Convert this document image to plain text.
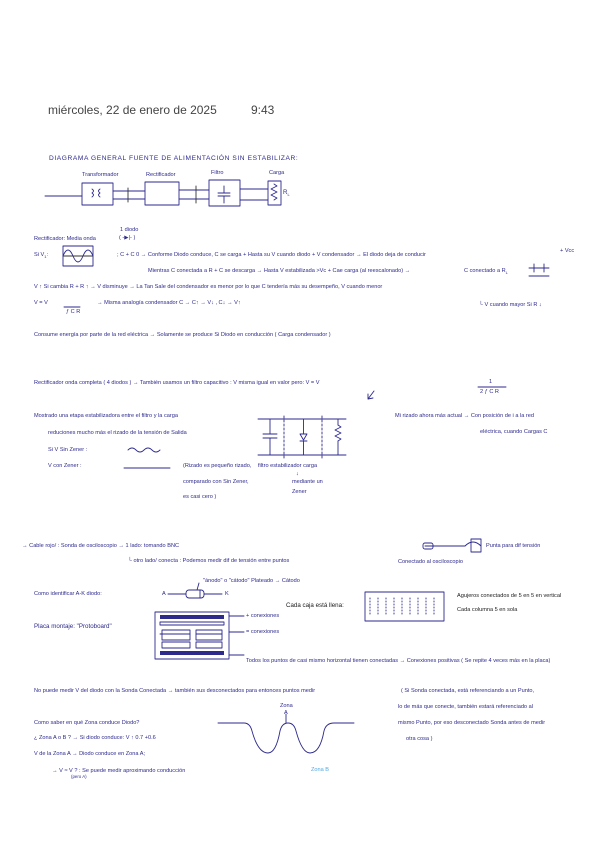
miércoles, 22 de enero de 2025	9:43
DIAGRAMA GENERAL FUENTE DE ALIMENTACIÓN SIN ESTABILIZAR:
Transformador	Rectificador	Filtro	Carga
$R_L$
Rectificador: Media onda	( -▶|- )
1 diodo
Si $V_1$:	; C + C 0 → Conforme Diodo conduce, C se carga + Hasta su V cuando diodo + V condensador → El diodo deja de conducir
+ Vcc
Mientras C conectada a R + C se descarga → Hasta V estabilizada >Vc + Cae carga (al reescalonado) →	C conectado a $R_L$
V ↑ Si cambia R + R ↑ → V disminuye → La Tan Sale del condensador es menor por lo que C tendería más su desempeño, V cuando menor
V = V	→ Misma analogía condensador C → C↑ → V↓ , C↓ → V↑
ƒ C R
└ V cuando mayor Si R ↓
Consume energía por parte de la red eléctrica → Solamente se produce Si Diodo en conducción ( Carga condensador )
Rectificador onda completa ( 4 diodos ) → También usamos un filtro capacitivo : V misma igual en valor pero: V = V	1
2 ƒ C R
Mostrado una etapa estabilizadora entre el filtro y la carga
reduciones mucho más el rizado de la tensión de Salida
Si V Sin Zener :
V con Zener :	(Rizado es pequeño rizado,
comparado con Sin Zener,
es casi cero )
Mi rizado ahora más actual → Con posición de i a la red
eléctrica, cuando Cargas C
filtro estabilizador carga
↓
mediante un
Zener
→ Cable rojo/ : Sonda de osciloscopio → 1 lado: tomando BNC
└ otro lado/ conecta : Podemos medir dif de tensión entre puntos
Punta para dif tensión
Conectado al osciloscopio
Como identificar A-K diodo:	A	K
"ánodo" o "cátodo" Plateado → Cátodo
Cada caja está llena:
Agujeros conectados de 5 en 5 en vertical
Cada columna 5 en sola
Placa montaje: "Protoboard"
+ conexiones
= conexiones
Todos los puntos de casi mismo horizontal tienen conectadas → Conexiones positivas ( Se repite 4 veces más en la placa)
No puede medir V del diodo con la Sonda Conectada → también sus desconectados para entonces puntos medir	( Si Sonda conectada, está referenciando a un Punto,
lo de más que conecte, también estará referenciado al
mismo Punto, por eso desconectado Sonda antes de medir
otra cosa )
Como saber en qué Zona conduce Diodo?
¿ Zona A o B ? → Si diodo conduce: V ↑ 0.7 +0.6
V de la Zona A → Diodo conduce en Zona A;
→ V ≈ V ? : Se puede medir aproximando conducción
(pero A)
Zona
A
Zona B
